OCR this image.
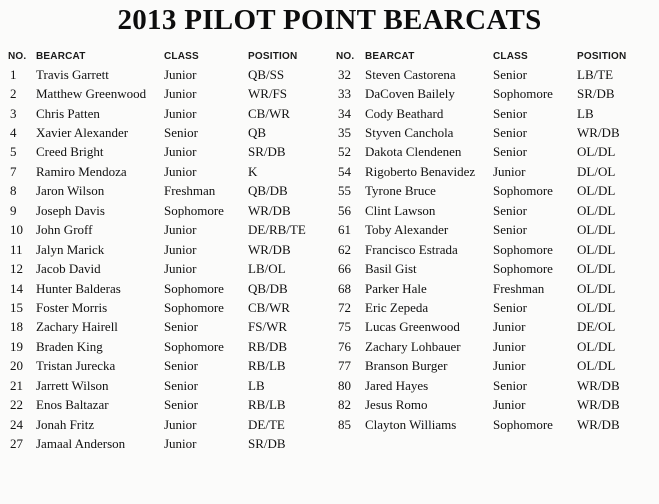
2013 PILOT POINT BEARCATS
NO. BEARCAT	CLASS	POSITION
1	Travis Garrett	Junior	QB/SS
2	Matthew Greenwood	Junior	WR/FS
3	Chris Patten	Junior	CB/WR
4	Xavier Alexander	Senior	QB
5	Creed Bright	Junior	SR/DB
7	Ramiro Mendoza	Junior	K
8	Jaron Wilson	Freshman	QB/DB
9	Joseph Davis	Sophomore	WR/DB
10	John Groff	Junior	DE/RB/TE
11	Jalyn Marick	Junior	WR/DB
12	Jacob David	Junior	LB/OL
14	Hunter Balderas	Sophomore	QB/DB
15	Foster Morris	Sophomore	CB/WR
18	Zachary Hairell	Senior	FS/WR
19	Braden King	Sophomore	RB/DB
20	Tristan Jurecka	Senior	RB/LB
21	Jarrett Wilson	Senior	LB
22	Enos Baltazar	Senior	RB/LB
24	Jonah Fritz	Junior	DE/TE
27	Jamaal Anderson	Junior	SR/DB
NO.	BEARCAT	CLASS	POSITION
32	Steven Castorena	Senior	LB/TE
33	DaCoven Bailely	Sophomore	SR/DB
34	Cody Beathard	Senior	LB
35	Styven Canchola	Senior	WR/DB
52	Dakota Clendenen	Senior	OL/DL
54	Rigoberto Benavidez	Junior	DL/OL
55	Tyrone Bruce	Sophomore	OL/DL
56	Clint Lawson	Senior	OL/DL
61	Toby Alexander	Senior	OL/DL
62	Francisco Estrada	Sophomore	OL/DL
66	Basil Gist	Sophomore	OL/DL
68	Parker Hale	Freshman	OL/DL
72	Eric Zepeda	Senior	OL/DL
75	Lucas Greenwood	Junior	DE/OL
76	Zachary Lohbauer	Junior	OL/DL
77	Branson Burger	Junior	OL/DL
80	Jared Hayes	Senior	WR/DB
82	Jesus Romo	Junior	WR/DB
85	Clayton Williams	Sophomore	WR/DB
